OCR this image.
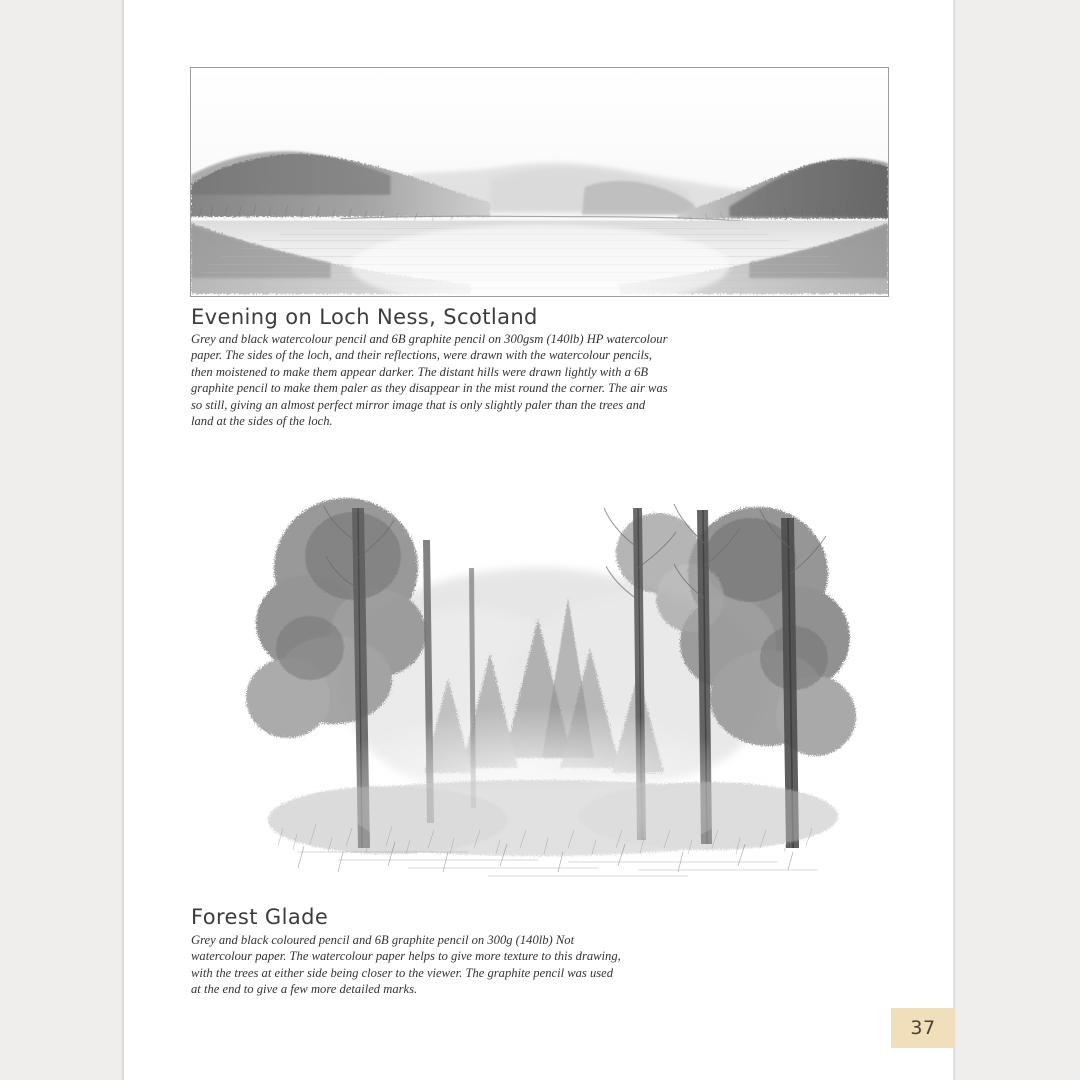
Evening on Loch Ness, Scotland
Grey and black watercolour pencil and 6B graphite pencil on 300gsm (140lb) HP watercolour paper. The sides of the loch, and their reflections, were drawn with the watercolour pencils, then moistened to make them appear darker. The distant hills were drawn lightly with a 6B graphite pencil to make them paler as they disappear in the mist round the corner. The air was so still, giving an almost perfect mirror image that is only slightly paler than the trees and land at the sides of the loch.
Forest Glade
Grey and black coloured pencil and 6B graphite pencil on 300g (140lb) Not watercolour paper. The watercolour paper helps to give more texture to this drawing, with the trees at either side being closer to the viewer. The graphite pencil was used at the end to give a few more detailed marks.
37
